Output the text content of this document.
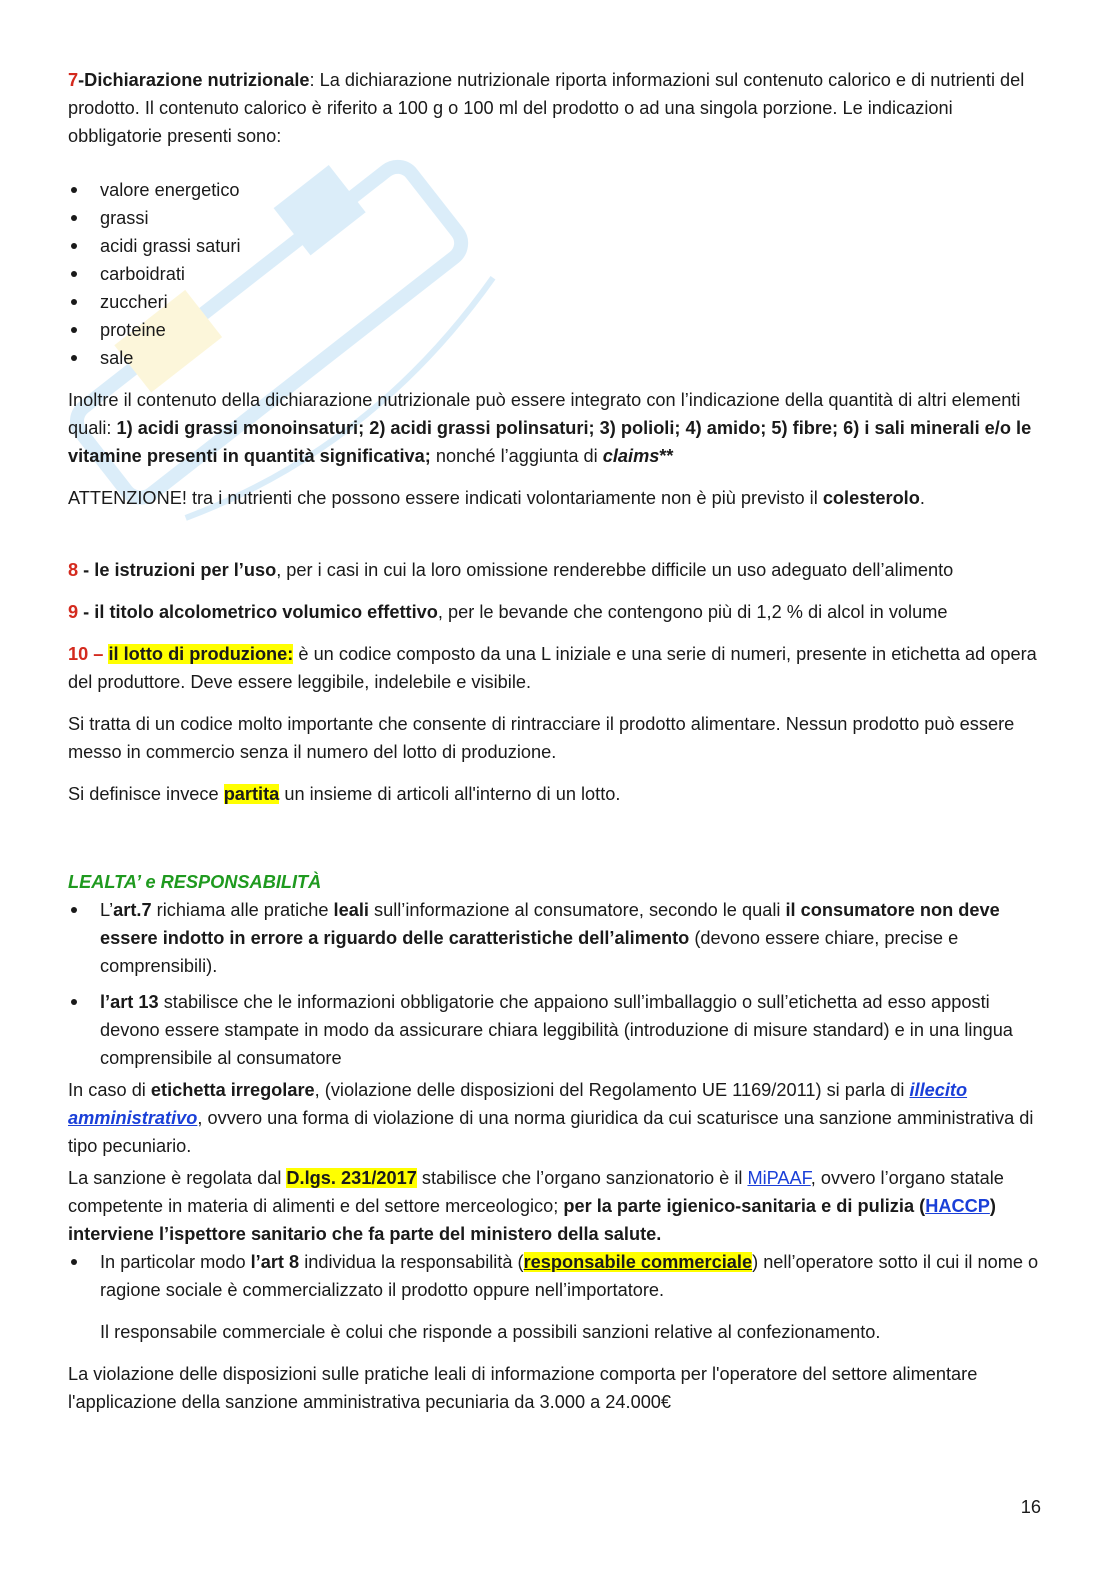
7-Dichiarazione nutrizionale: La dichiarazione nutrizionale riporta informazioni sul contenuto calorico e di nutrienti del prodotto. Il contenuto calorico è riferito a 100 g o 100 ml del prodotto o ad una singola porzione. Le indicazioni obbligatorie presenti sono:

valore energetico
grassi
acidi grassi saturi
carboidrati
zuccheri
proteine
sale

Inoltre il contenuto della dichiarazione nutrizionale può essere integrato con l’indicazione della quantità di altri elementi quali: 1) acidi grassi monoinsaturi; 2) acidi grassi polinsaturi; 3) polioli; 4) amido; 5) fibre; 6) i sali minerali e/o le vitamine presenti in quantità significativa; nonché l’aggiunta di claims**

ATTENZIONE! tra i nutrienti che possono essere indicati volontariamente non è più previsto il colesterolo.

8 - le istruzioni per l’uso, per i casi in cui la loro omissione renderebbe difficile un uso adeguato dell’alimento

9 - il titolo alcolometrico volumico effettivo, per le bevande che contengono più di 1,2 % di alcol in volume

10 – il lotto di produzione: è un codice composto da una L iniziale e una serie di numeri, presente in etichetta ad opera del produttore. Deve essere leggibile, indelebile e visibile.

Si tratta di un codice molto importante che consente di rintracciare il prodotto alimentare. Nessun prodotto può essere messo in commercio senza il numero del lotto di produzione.

Si definisce invece partita un insieme di articoli all'interno di un lotto.

LEALTA’ e RESPONSABILITÀ

L’art.7 richiama alle pratiche leali sull’informazione al consumatore, secondo le quali il consumatore non deve essere indotto in errore a riguardo delle caratteristiche dell’alimento (devono essere chiare, precise e comprensibili).
l’art 13 stabilisce che le informazioni obbligatorie che appaiono sull’imballaggio o sull’etichetta ad esso apposti devono essere stampate in modo da assicurare chiara leggibilità (introduzione di misure standard) e in una lingua comprensibile al consumatore

In caso di etichetta irregolare, (violazione delle disposizioni del Regolamento UE 1169/2011) si parla di illecito amministrativo, ovvero una forma di violazione di una norma giuridica da cui scaturisce una sanzione amministrativa di tipo pecuniario.

La sanzione è regolata dal D.lgs. 231/2017 stabilisce che l’organo sanzionatorio è il MiPAAF, ovvero l’organo statale competente in materia di alimenti e del settore merceologico; per la parte igienico-sanitaria e di pulizia (HACCP) interviene l’ispettore sanitario che fa parte del ministero della salute.

In particolar modo l’art 8 individua la responsabilità (responsabile commerciale) nell’operatore sotto il cui il nome o ragione sociale è commercializzato il prodotto oppure nell’importatore.

Il responsabile commerciale è colui che risponde a possibili sanzioni relative al confezionamento.

La violazione delle disposizioni sulle pratiche leali di informazione comporta per l'operatore del settore alimentare l'applicazione della sanzione amministrativa pecuniaria da 3.000 a 24.000€

16
